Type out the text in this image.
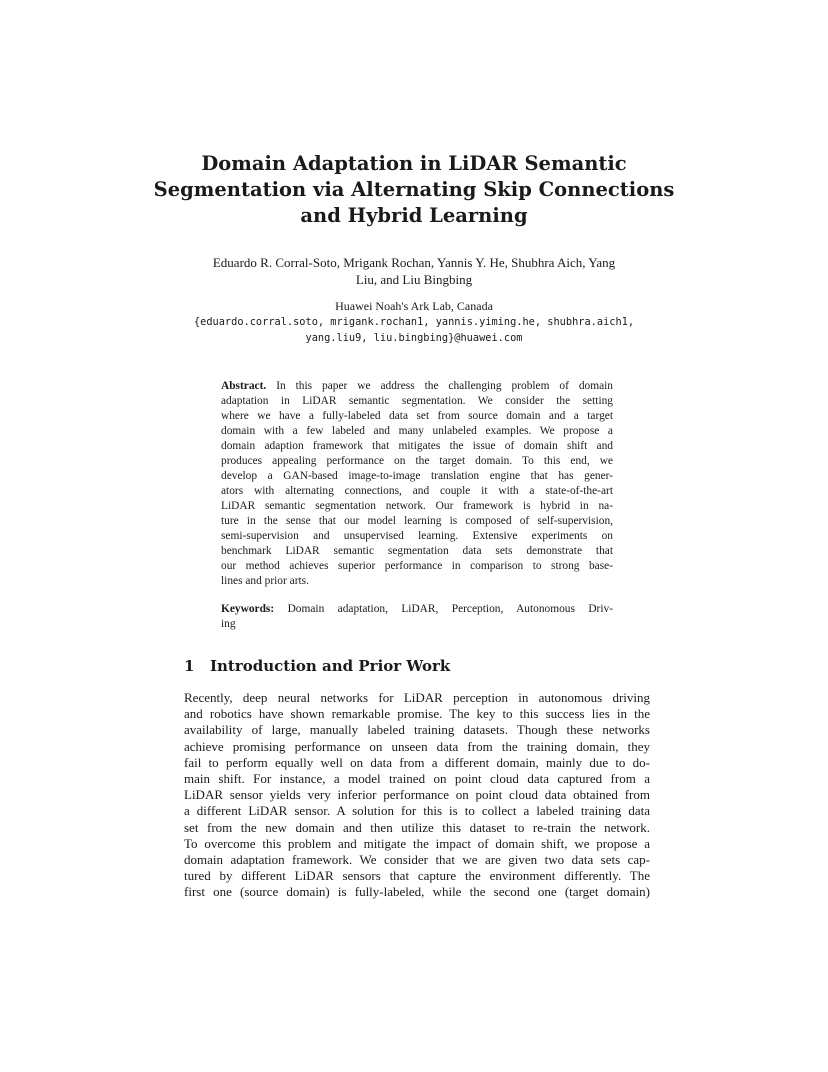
Domain Adaptation in LiDAR Semantic
Segmentation via Alternating Skip Connections
and Hybrid Learning
Eduardo R. Corral-Soto, Mrigank Rochan, Yannis Y. He, Shubhra Aich, Yang
Liu, and Liu Bingbing
Huawei Noah's Ark Lab, Canada
{eduardo.corral.soto, mrigank.rochan1, yannis.yiming.he, shubhra.aich1,
yang.liu9, liu.bingbing}@huawei.com
Abstract. In this paper we address the challenging problem of domain
adaptation in LiDAR semantic segmentation. We consider the setting
where we have a fully-labeled data set from source domain and a target
domain with a few labeled and many unlabeled examples. We propose a
domain adaption framework that mitigates the issue of domain shift and
produces appealing performance on the target domain. To this end, we
develop a GAN-based image-to-image translation engine that has gener-
ators with alternating connections, and couple it with a state-of-the-art
LiDAR semantic segmentation network. Our framework is hybrid in na-
ture in the sense that our model learning is composed of self-supervision,
semi-supervision and unsupervised learning. Extensive experiments on
benchmark LiDAR semantic segmentation data sets demonstrate that
our method achieves superior performance in comparison to strong base-
lines and prior arts.
Keywords: Domain adaptation, LiDAR, Perception, Autonomous Driv-
ing
1 Introduction and Prior Work
Recently, deep neural networks for LiDAR perception in autonomous driving
and robotics have shown remarkable promise. The key to this success lies in the
availability of large, manually labeled training datasets. Though these networks
achieve promising performance on unseen data from the training domain, they
fail to perform equally well on data from a different domain, mainly due to do-
main shift. For instance, a model trained on point cloud data captured from a
LiDAR sensor yields very inferior performance on point cloud data obtained from
a different LiDAR sensor. A solution for this is to collect a labeled training data
set from the new domain and then utilize this dataset to re-train the network.
To overcome this problem and mitigate the impact of domain shift, we propose a
domain adaptation framework. We consider that we are given two data sets cap-
tured by different LiDAR sensors that capture the environment differently. The
first one (source domain) is fully-labeled, while the second one (target domain)
